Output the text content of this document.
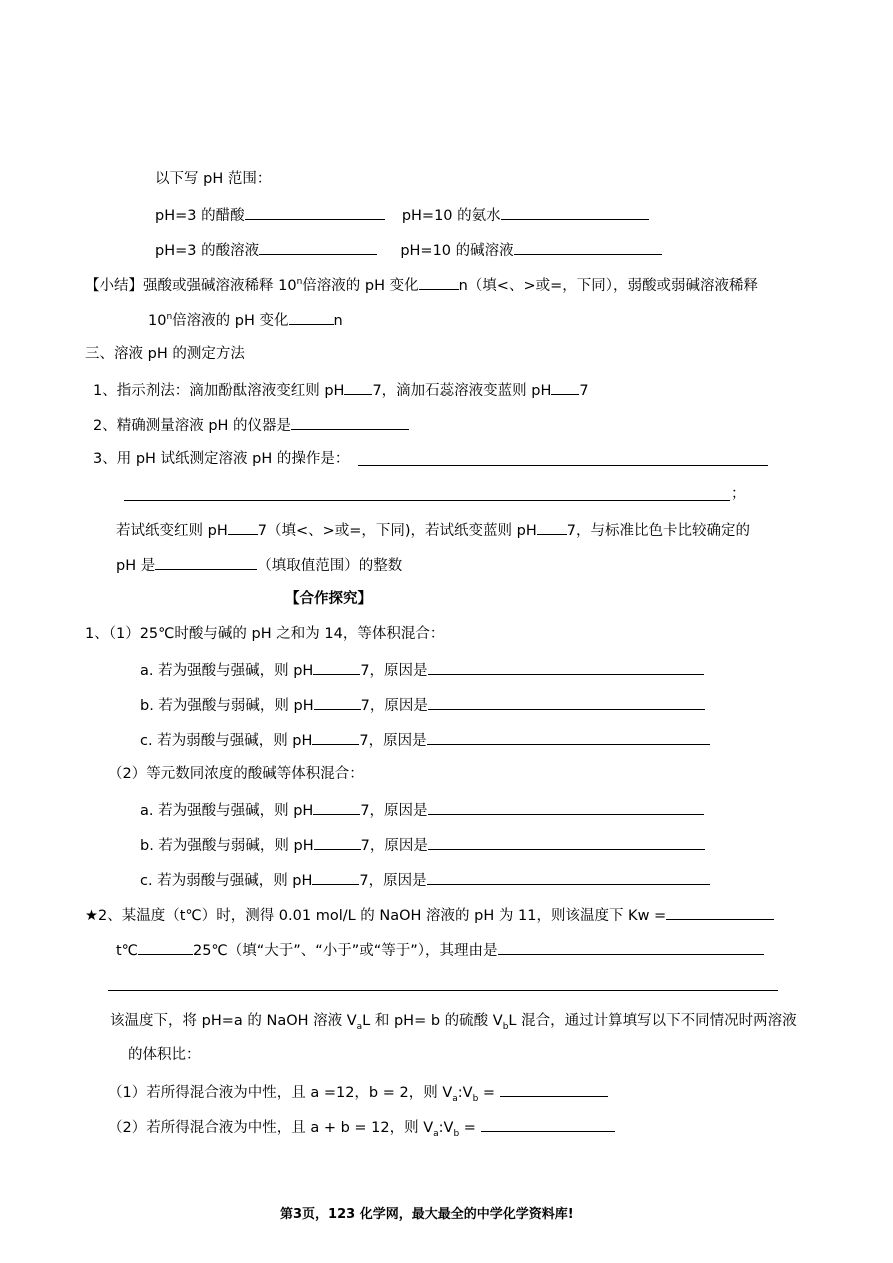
以下写 pH 范围：
pH=3 的醋酸	pH=10 的氨水
pH=3 的酸溶液	pH=10 的碱溶液
【小结】强酸或强碱溶液稀释 10$^n$倍溶液的 pH 变化	n（填<、>或=，下同），弱酸或弱碱溶液稀释
10$^n$倍溶液的 pH 变化	n
三、溶液 pH 的测定方法
1、指示剂法：滴加酚酞溶液变红则 pH 7，滴加石蕊溶液变蓝则 pH 7
2、精确测量溶液 pH 的仪器是
3、用 pH 试纸测定溶液 pH 的操作是：
；
若试纸变红则 pH 7（填<、>或=，下同)，若试纸变蓝则 pH 7，与标准比色卡比较确定的
pH 是	（填取值范围）的整数
【合作探究】
1、（1）25℃时酸与碱的 pH 之和为 14，等体积混合：
a. 若为强酸与强碱，则 pH	7，原因是
b. 若为强酸与弱碱，则 pH	7，原因是
c. 若为弱酸与强碱，则 pH	7，原因是
（2）等元数同浓度的酸碱等体积混合：
a. 若为强酸与强碱，则 pH	7，原因是
b. 若为强酸与弱碱，则 pH	7，原因是
c. 若为弱酸与强碱，则 pH	7，原因是
★2、某温度（t℃）时，测得 0.01 mol/L 的 NaOH 溶液的 pH 为 11，则该温度下 Kw =
t℃	25℃（填“大于”、“小于”或“等于”），其理由是
该温度下，将 pH=a 的 NaOH 溶液 $V_aL$ 和 pH= b 的硫酸 $V_bL$ 混合，通过计算填写以下不同情况时两溶液
的体积比：
（1）若所得混合液为中性，且 a =12，b = 2，则 $V_a:V_b$ =
（2）若所得混合液为中性，且 a + b = 12，则 $V_a:V_b$ =
第3页，123 化学网，最大最全的中学化学资料库!
